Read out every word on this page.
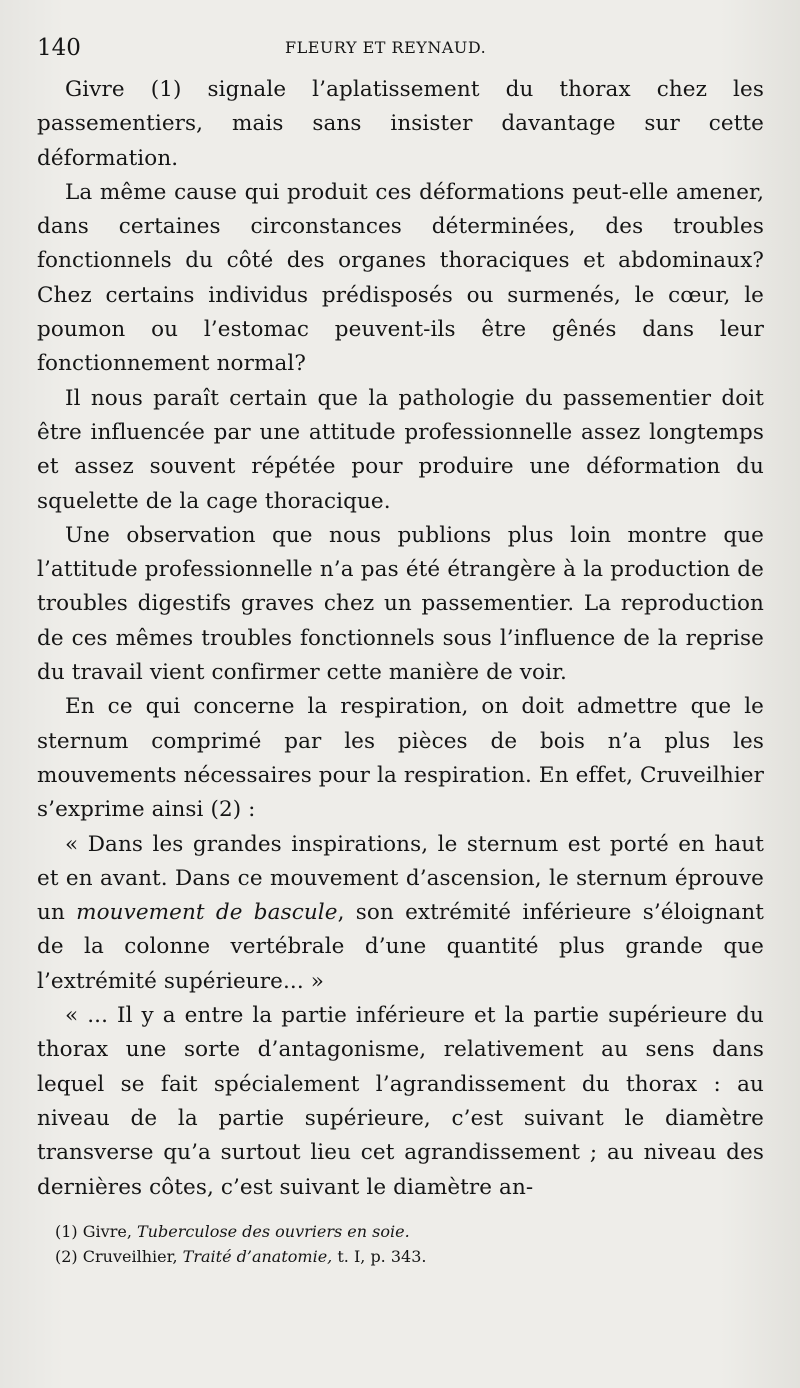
140	FLEURY ET REYNAUD.

Givre (1) signale l’aplatissement du thorax chez les passementiers, mais sans insister davantage sur cette déformation.

La même cause qui produit ces déformations peut-elle amener, dans certaines circonstances déterminées, des troubles fonctionnels du côté des organes thoraciques et abdominaux? Chez certains individus prédisposés ou surmenés, le cœur, le poumon ou l’estomac peuvent-ils être gênés dans leur fonctionnement normal?

Il nous paraît certain que la pathologie du passementier doit être influencée par une attitude professionnelle assez longtemps et assez souvent répétée pour produire une déformation du squelette de la cage thoracique.

Une observation que nous publions plus loin montre que l’attitude professionnelle n’a pas été étrangère à la production de troubles digestifs graves chez un passementier. La reproduction de ces mêmes troubles fonctionnels sous l’influence de la reprise du travail vient confirmer cette manière de voir.

En ce qui concerne la respiration, on doit admettre que le sternum comprimé par les pièces de bois n’a plus les mouvements nécessaires pour la respiration. En effet, Cruveilhier s’exprime ainsi (2) :

« Dans les grandes inspirations, le sternum est porté en haut et en avant. Dans ce mouvement d’ascension, le sternum éprouve un mouvement de bascule, son extrémité inférieure s’éloignant de la colonne vertébrale d’une quantité plus grande que l’extrémité supérieure... »

« ... Il y a entre la partie inférieure et la partie supérieure du thorax une sorte d’antagonisme, relativement au sens dans lequel se fait spécialement l’agrandissement du thorax : au niveau de la partie supérieure, c’est suivant le diamètre transverse qu’a surtout lieu cet agrandissement ; au niveau des dernières côtes, c’est suivant le diamètre an-

(1) Givre, Tuberculose des ouvriers en soie.
(2) Cruveilhier, Traité d’anatomie, t. I, p. 343.
